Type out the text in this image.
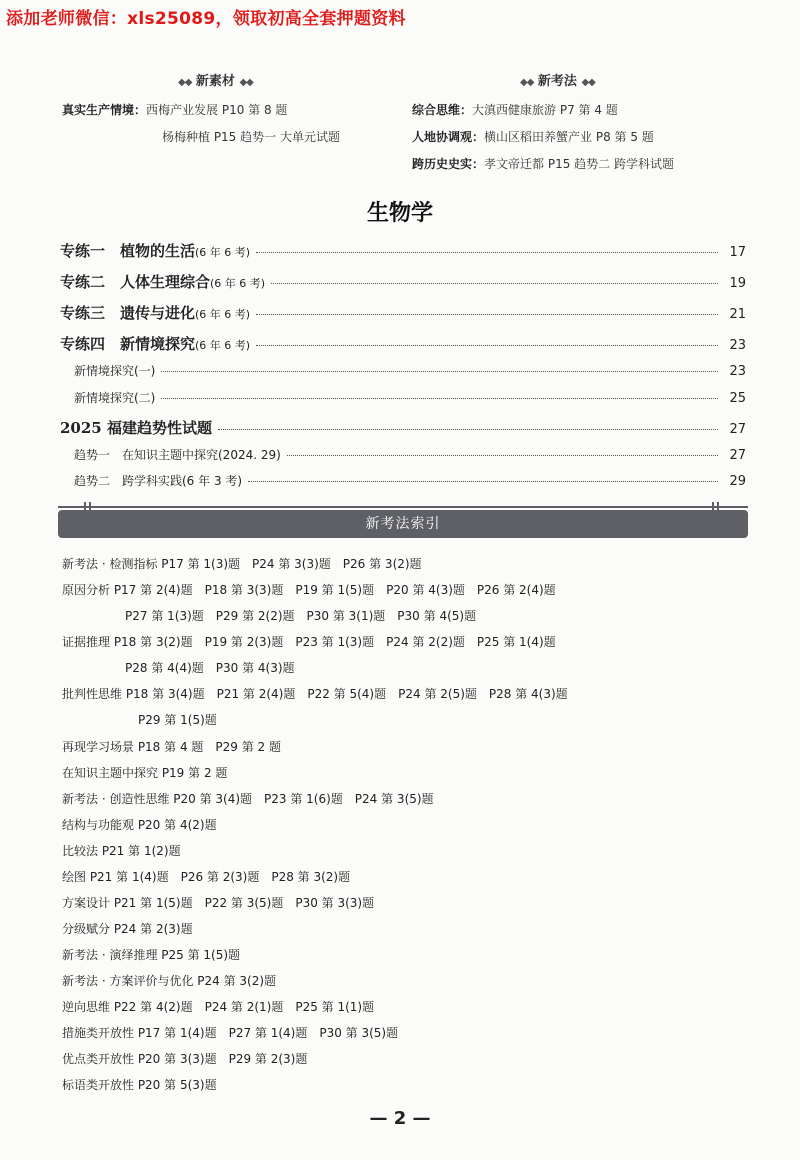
添加老师微信：xls25089，领取初高全套押题资料
◆◆ 新素材 ◆◆
真实生产情境：西梅产业发展 P10 第 8 题
杨梅种植 P15 趋势一 大单元试题
◆◆ 新考法 ◆◆
综合思维：大滇西健康旅游 P7 第 4 题
人地协调观：横山区稻田养蟹产业 P8 第 5 题
跨历史史实：孝文帝迁都 P15 趋势二 跨学科试题
生物学
专练一　植物的生活(6 年 6 考)	17
专练二　人体生理综合(6 年 6 考)	19
专练三　遗传与进化(6 年 6 考)	21
专练四　新情境探究(6 年 6 考)	23
新情境探究(一)	23
新情境探究(二)	25
2025 福建趋势性试题	27
趋势一　在知识主题中探究(2024. 29)	27
趋势二　跨学科实践(6 年 3 考)	29
新考法索引
新考法 · 检测指标 P17 第 1(3)题　P24 第 3(3)题　P26 第 3(2)题
原因分析 P17 第 2(4)题　P18 第 3(3)题　P19 第 1(5)题　P20 第 4(3)题　P26 第 2(4)题
P27 第 1(3)题　P29 第 2(2)题　P30 第 3(1)题　P30 第 4(5)题
证据推理 P18 第 3(2)题　P19 第 2(3)题　P23 第 1(3)题　P24 第 2(2)题　P25 第 1(4)题
P28 第 4(4)题　P30 第 4(3)题
批判性思维 P18 第 3(4)题　P21 第 2(4)题　P22 第 5(4)题　P24 第 2(5)题　P28 第 4(3)题
P29 第 1(5)题
再现学习场景 P18 第 4 题　P29 第 2 题
在知识主题中探究 P19 第 2 题
新考法 · 创造性思维 P20 第 3(4)题　P23 第 1(6)题　P24 第 3(5)题
结构与功能观 P20 第 4(2)题
比较法 P21 第 1(2)题
绘图 P21 第 1(4)题　P26 第 2(3)题　P28 第 3(2)题
方案设计 P21 第 1(5)题　P22 第 3(5)题　P30 第 3(3)题
分级赋分 P24 第 2(3)题
新考法 · 演绎推理 P25 第 1(5)题
新考法 · 方案评价与优化 P24 第 3(2)题
逆向思维 P22 第 4(2)题　P24 第 2(1)题　P25 第 1(1)题
措施类开放性 P17 第 1(4)题　P27 第 1(4)题　P30 第 3(5)题
优点类开放性 P20 第 3(3)题　P29 第 2(3)题
标语类开放性 P20 第 5(3)题
— 2 —
